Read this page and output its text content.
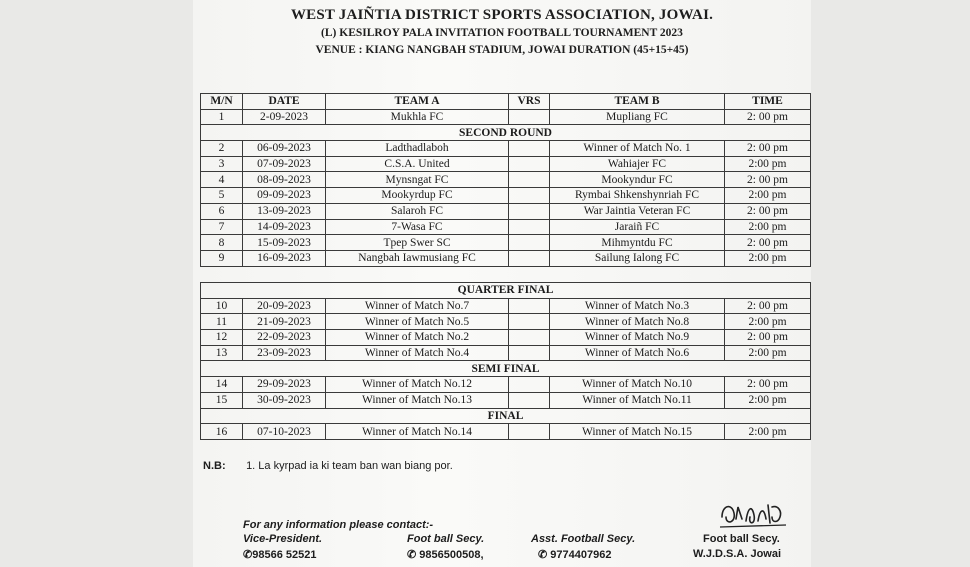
WEST JAIÑTIA DISTRICT SPORTS ASSOCIATION, JOWAI.
(L) KESILROY PALA INVITATION FOOTBALL TOURNAMENT 2023
VENUE : KIANG NANGBAH STADIUM, JOWAI DURATION (45+15+45)
M/N	DATE	TEAM A	VRS	TEAM B	TIME
1	2-09-2023	Mukhla FC		Mupliang FC	2: 00 pm
SECOND ROUND					
2	06-09-2023	Ladthadlaboh		Winner of Match No. 1	2: 00 pm
3	07-09-2023	C.S.A. United		Wahiajer FC	2:00 pm
4	08-09-2023	Mynsngat FC		Mookyndur FC	2: 00 pm
5	09-09-2023	Mookyrdup FC		Rymbai Shkenshynriah FC	2:00 pm
6	13-09-2023	Salaroh FC		War Jaintia Veteran FC	2: 00 pm
7	14-09-2023	7-Wasa FC		Jaraiñ FC	2:00 pm
8	15-09-2023	Tpep Swer SC		Mihmyntdu FC	2: 00 pm
9	16-09-2023	Nangbah Iawmusiang FC		Sailung Ialong FC	2:00 pm
QUARTER FINAL					
10	20-09-2023	Winner of Match No.7		Winner of Match No.3	2: 00 pm
11	21-09-2023	Winner of Match No.5		Winner of Match No.8	2:00 pm
12	22-09-2023	Winner of Match No.2		Winner of Match No.9	2: 00 pm
13	23-09-2023	Winner of Match No.4		Winner of Match No.6	2:00 pm
SEMI FINAL					
14	29-09-2023	Winner of Match No.12		Winner of Match No.10	2: 00 pm
15	30-09-2023	Winner of Match No.13		Winner of Match No.11	2:00 pm
FINAL					
16	07-10-2023	Winner of Match No.14		Winner of Match No.15	2:00 pm
N.B: 1. La kyrpad ia ki team ban wan biang por.
For any information please contact:-
Vice-President.
✆98566 52521
Foot ball Secy.
✆ 9856500508,
Asst. Football Secy.
✆ 9774407962
Foot ball Secy.
W.J.D.S.A. Jowai
